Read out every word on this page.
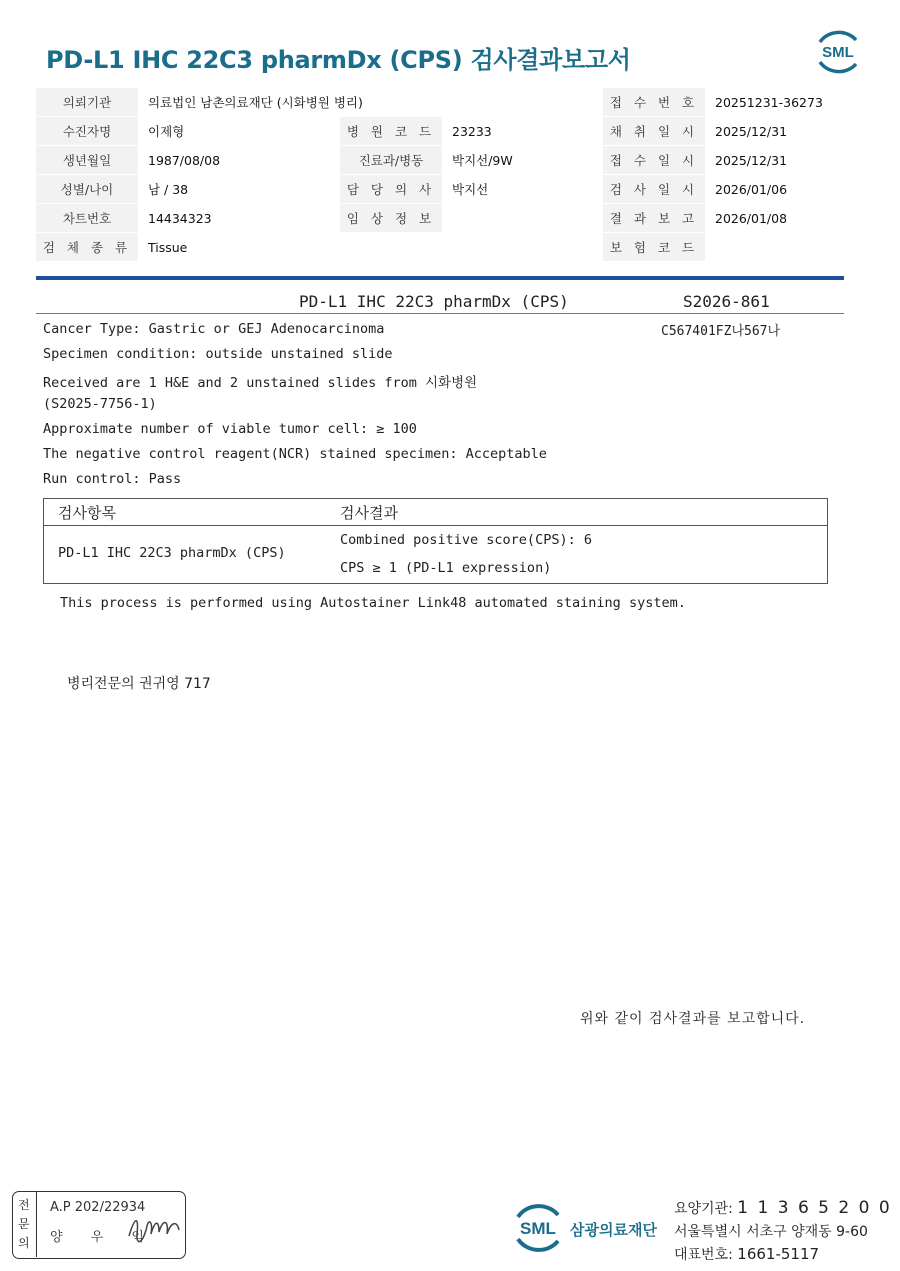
PD-L1 IHC 22C3 pharmDx (CPS) 검사결과보고서	SML
의뢰기관	의료법인 남촌의료재단 (시화병원 병리)			접 수 번 호	20251231-36273
수진자명	이제형	병 원 코 드	23233	채 취 일 시	2025/12/31
생년월일	1987/08/08	진료과/병동	박지선/9W	접 수 일 시	2025/12/31
성별/나이	남 / 38	담 당 의 사	박지선	검 사 일 시	2026/01/06
차트번호	14434323	임 상 정 보		결 과 보 고	2026/01/08
검 체 종 류	Tissue			보 험 코 드	
PD-L1 IHC 22C3 pharmDx (CPS)	S2026-861
C567401FZ나567나
Cancer Type: Gastric or GEJ Adenocarcinoma
Specimen condition: outside unstained slide
Received are 1 H&E and 2 unstained slides from 시화병원
(S2025-7756-1)
Approximate number of viable tumor cell: ≥ 100
The negative control reagent(NCR) stained specimen: Acceptable
Run control: Pass
검사항목	검사결과
PD-L1 IHC 22C3 pharmDx (CPS)
Combined positive score(CPS): 6
CPS ≥ 1 (PD-L1 expression)
This process is performed using Autostainer Link48 automated staining system.
병리전문의 권귀영 717
위와 같이 검사결과를 보고합니다.
전
문
의
A.P 202/22934
양 우 익	SML 삼광의료재단
요양기관: 1 1 3 6 5 2 0 0
서울특별시 서초구 양재동 9-60
대표번호: 1661-5117
